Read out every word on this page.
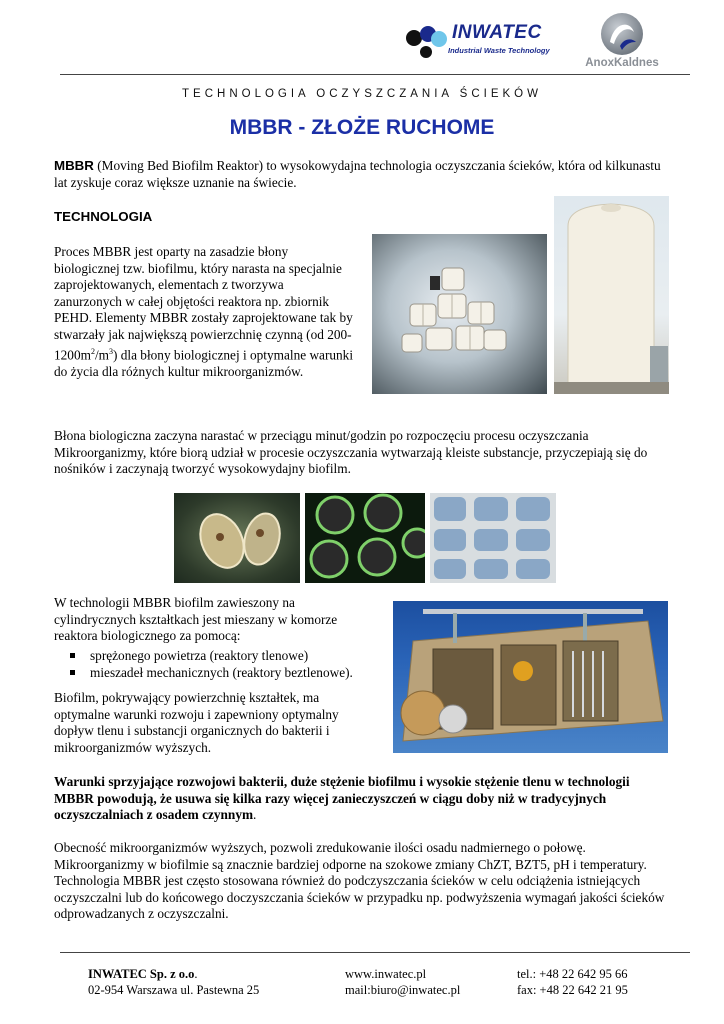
INWATEC
Industrial Waste Technology
AnoxKaldnes
TECHNOLOGIA OCZYSZCZANIA ŚCIEKÓW
MBBR - ZŁOŻE RUCHOME
MBBR (Moving Bed Biofilm Reaktor) to wysokowydajna technologia oczyszczania ścieków, która od kilkunastu lat zyskuje coraz większe uznanie na świecie.
TECHNOLOGIA
Proces MBBR jest oparty na zasadzie błony biologicznej tzw. biofilmu, który narasta na specjalnie zaprojektowanych, elementach z tworzywa zanurzonych w całej objętości reaktora np. zbiornik PEHD. Elementy MBBR zostały zaprojektowane tak by stwarzały jak największą powierzchnię czynną (od $200-1200m^2/m^3$) dla błony biologicznej i optymalne warunki do życia dla różnych kultur mikroorganizmów.
Błona biologiczna zaczyna narastać w przeciągu minut/godzin po rozpoczęciu procesu oczyszczania Mikroorganizmy, które biorą udział w procesie oczyszczania wytwarzają kleiste substancje, przyczepiają się do nośników i zaczynają tworzyć wysokowydajny biofilm.
W technologii MBBR biofilm zawieszony na cylindrycznych kształtkach jest mieszany w komorze reaktora biologicznego za pomocą:
sprężonego powietrza (reaktory tlenowe)
mieszadeł mechanicznych (reaktory beztlenowe).
Biofilm, pokrywający powierzchnię kształtek, ma optymalne warunki rozwoju i zapewniony optymalny dopływ tlenu i substancji organicznych do bakterii i mikroorganizmów wyższych.
Warunki sprzyjające rozwojowi bakterii, duże stężenie biofilmu i wysokie stężenie tlenu w technologii MBBR powodują, że usuwa się kilka razy więcej zanieczyszczeń w ciągu doby niż w tradycyjnych oczyszczalniach z osadem czynnym.
Obecność mikroorganizmów wyższych, pozwoli zredukowanie ilości osadu nadmiernego o połowę. Mikroorganizmy w biofilmie są znacznie bardziej odporne na szokowe zmiany ChZT, BZT5, pH i temperatury. Technologia MBBR jest często stosowana również do podczyszczania ścieków w celu odciążenia istniejących oczyszczalni lub do końcowego doczyszczania ścieków w przypadku np. podwyższenia wymagań jakości ścieków odprowadzanych z oczyszczalni.
INWATEC Sp. z o.o.
02-954 Warszawa ul. Pastewna 25
www.inwatec.pl
mail:biuro@inwatec.pl
tel.: +48 22 642 95 66
fax: +48 22 642 21 95
